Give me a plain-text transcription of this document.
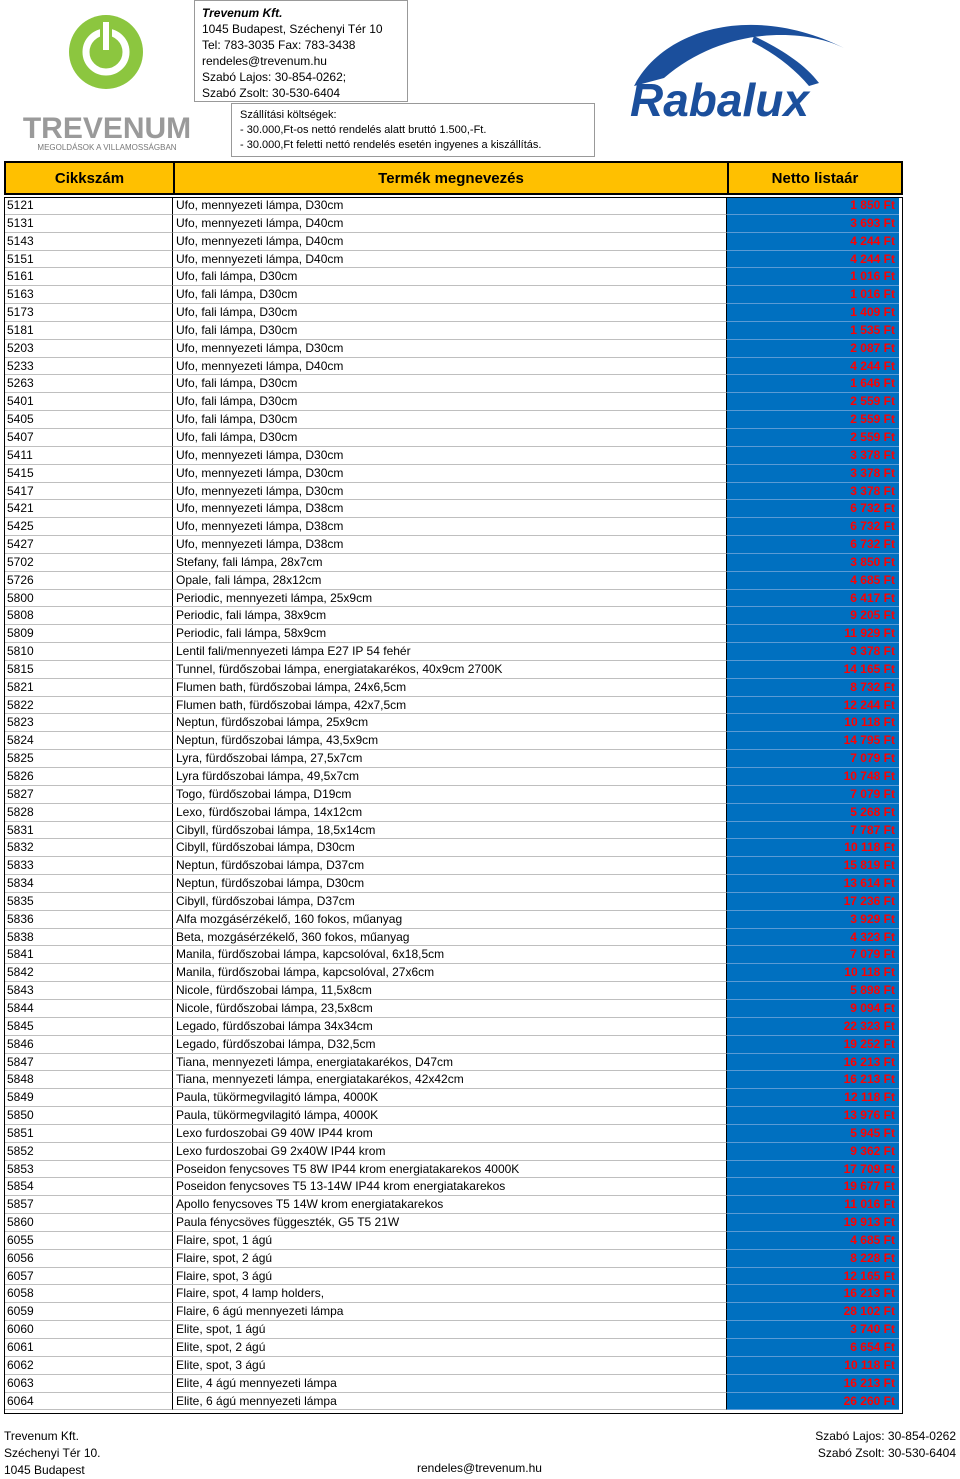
TREVENUM
MEGOLDÁSOK A VILLAMOSSÁGBAN
Trevenum Kft.
1045 Budapest, Széchenyi Tér 10
Tel: 783-3035 Fax: 783-3438
rendeles@trevenum.hu
Szabó Lajos: 30-854-0262;
Szabó Zsolt: 30-530-6404
Szállítási költségek:
- 30.000,Ft-os nettó rendelés alatt bruttó 1.500,-Ft.
- 30.000,Ft feletti nettó rendelés esetén ingyenes a kiszállítás.
Rabalux
Cikkszám	Termék megnevezés	Netto listaár
5121	Ufo, mennyezeti lámpa, D30cm	1 850 Ft
5131	Ufo, mennyezeti lámpa, D40cm	3 693 Ft
5143	Ufo, mennyezeti lámpa, D40cm	4 244 Ft
5151	Ufo, mennyezeti lámpa, D40cm	4 244 Ft
5161	Ufo, fali lámpa, D30cm	1 016 Ft
5163	Ufo, fali lámpa, D30cm	1 016 Ft
5173	Ufo, fali lámpa, D30cm	1 409 Ft
5181	Ufo, fali lámpa, D30cm	1 535 Ft
5203	Ufo, mennyezeti lámpa, D30cm	2 087 Ft
5233	Ufo, mennyezeti lámpa, D40cm	4 244 Ft
5263	Ufo, fali lámpa, D30cm	1 646 Ft
5401	Ufo, fali lámpa, D30cm	2 559 Ft
5405	Ufo, fali lámpa, D30cm	2 559 Ft
5407	Ufo, fali lámpa, D30cm	2 559 Ft
5411	Ufo, mennyezeti lámpa, D30cm	3 378 Ft
5415	Ufo, mennyezeti lámpa, D30cm	3 378 Ft
5417	Ufo, mennyezeti lámpa, D30cm	3 378 Ft
5421	Ufo, mennyezeti lámpa, D38cm	6 732 Ft
5425	Ufo, mennyezeti lámpa, D38cm	6 732 Ft
5427	Ufo, mennyezeti lámpa, D38cm	6 732 Ft
5702	Stefany, fali lámpa, 28x7cm	3 850 Ft
5726	Opale, fali lámpa, 28x12cm	4 685 Ft
5800	Periodic, mennyezeti lámpa, 25x9cm	6 417 Ft
5808	Periodic, fali lámpa, 38x9cm	9 205 Ft
5809	Periodic, fali lámpa, 58x9cm	11 929 Ft
5810	Lentil fali/mennyezeti lámpa E27 IP 54 fehér	3 378 Ft
5815	Tunnel, fürdőszobai lámpa, energiatakarékos, 40x9cm 2700K	14 165 Ft
5821	Flumen bath, fürdőszobai lámpa, 24x6,5cm	8 732 Ft
5822	Flumen bath, fürdőszobai lámpa, 42x7,5cm	12 244 Ft
5823	Neptun, fürdőszobai lámpa, 25x9cm	10 118 Ft
5824	Neptun, fürdőszobai lámpa, 43,5x9cm	14 795 Ft
5825	Lyra, fürdőszobai lámpa, 27,5x7cm	7 079 Ft
5826	Lyra fürdőszobai lámpa, 49,5x7cm	10 748 Ft
5827	Togo, fürdőszobai lámpa, D19cm	7 079 Ft
5828	Lexo, fürdőszobai lámpa, 14x12cm	5 268 Ft
5831	Cibyll, fürdőszobai lámpa, 18,5x14cm	7 787 Ft
5832	Cibyll, fürdőszobai lámpa, D30cm	10 118 Ft
5833	Neptun, fürdőszobai lámpa, D37cm	15 819 Ft
5834	Neptun, fürdőszobai lámpa, D30cm	13 614 Ft
5835	Cibyll, fürdőszobai lámpa, D37cm	17 236 Ft
5836	Alfa mozgásérzékelő, 160 fokos, műanyag	3 929 Ft
5838	Beta, mozgásérzékelő, 360 fokos, műanyag	4 323 Ft
5841	Manila, fürdőszobai lámpa, kapcsolóval, 6x18,5cm	7 079 Ft
5842	Manila, fürdőszobai lámpa, kapcsolóval, 27x6cm	10 118 Ft
5843	Nicole, fürdőszobai lámpa, 11,5x8cm	5 898 Ft
5844	Nicole, fürdőszobai lámpa, 23,5x8cm	9 094 Ft
5845	Legado, fürdőszobai lámpa 34x34cm	22 323 Ft
5846	Legado, fürdőszobai lámpa, D32,5cm	19 252 Ft
5847	Tiana, mennyezeti lámpa, energiatakarékos, D47cm	16 213 Ft
5848	Tiana, mennyezeti lámpa, energiatakarékos, 42x42cm	16 213 Ft
5849	Paula, tükörmegvilagitó lámpa, 4000K	12 118 Ft
5850	Paula, tükörmegvilagitó lámpa, 4000K	13 976 Ft
5851	Lexo furdoszobai G9 40W IP44 krom	5 945 Ft
5852	Lexo furdoszobai G9 2x40W IP44 krom	9 362 Ft
5853	Poseidon fenycsoves T5 8W IP44 krom energiatakarekos 4000K	17 709 Ft
5854	Poseidon fenycsoves T5 13-14W IP44 krom energiatakarekos	19 677 Ft
5857	Apollo fenycsoves T5 14W krom energiatakarekos	11 016 Ft
5860	Paula fénycsöves függeszték, G5 T5 21W	19 913 Ft
6055	Flaire, spot, 1 ágú	4 685 Ft
6056	Flaire, spot, 2 ágú	8 228 Ft
6057	Flaire, spot, 3 ágú	12 165 Ft
6058	Flaire, spot, 4 lamp holders,	16 213 Ft
6059	Flaire, 6 ágú mennyezeti lámpa	28 102 Ft
6060	Elite, spot, 1 ágú	3 740 Ft
6061	Elite, spot, 2 ágú	6 654 Ft
6062	Elite, spot, 3 ágú	10 118 Ft
6063	Elite, 4 ágú mennyezeti lámpa	16 213 Ft
6064	Elite, 6 ágú mennyezeti lámpa	26 260 Ft
Trevenum Kft.
Széchenyi Tér 10.
1045 Budapest	rendeles@trevenum.hu
Szabó Lajos: 30-854-0262
Szabó Zsolt: 30-530-6404
